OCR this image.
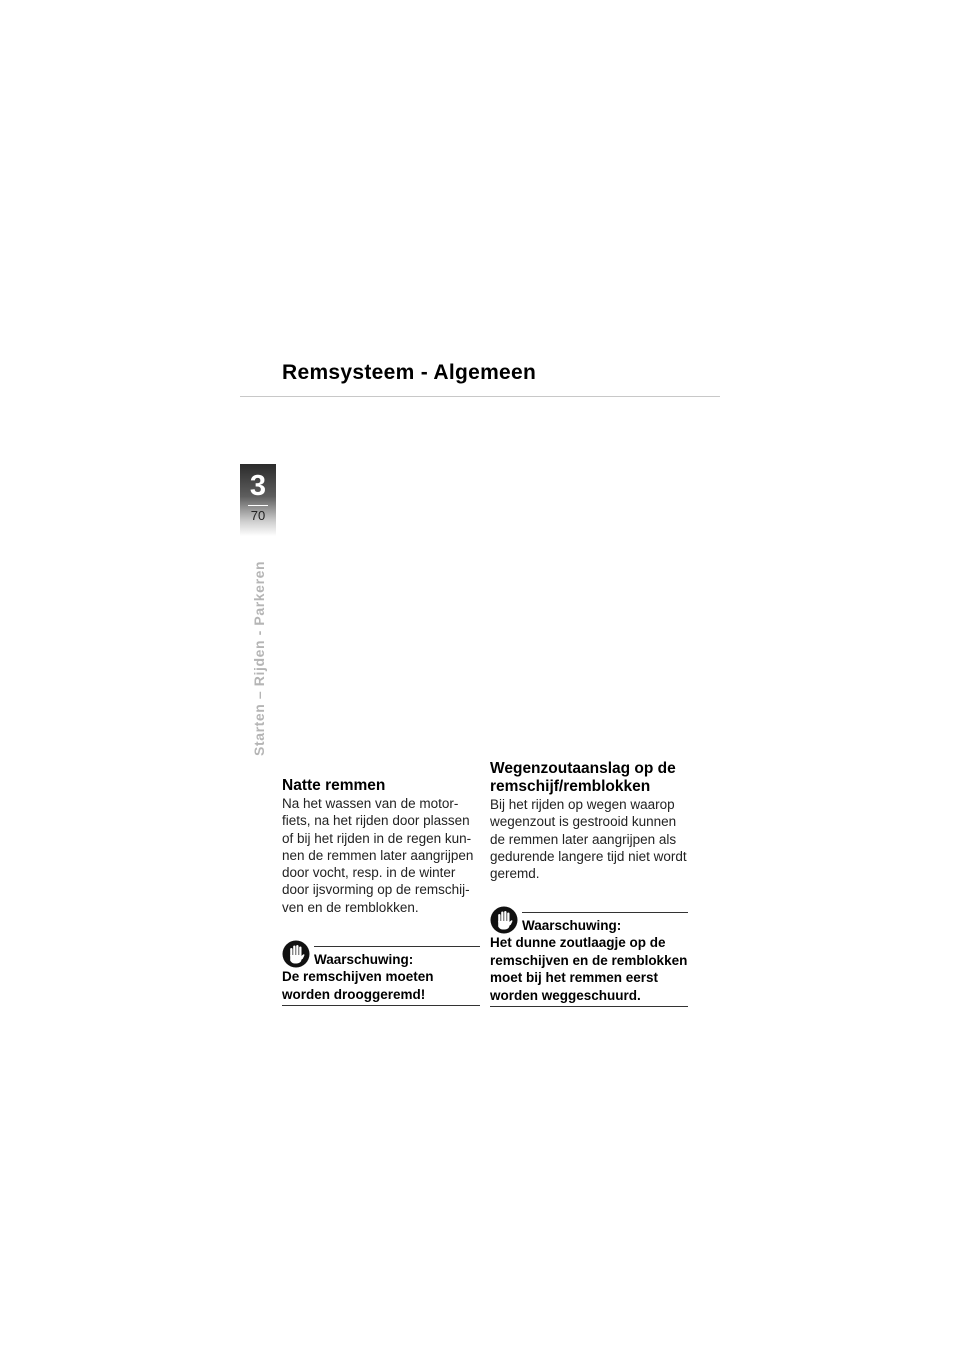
Remsysteem - Algemeen
3
70
Starten – Rijden - Parkeren
Natte remmen

Na het wassen van de motorfiets, na het rijden door plassen of bij het rijden in de regen kunnen de remmen later aangrijpen door vocht, resp. in de winter door ijsvorming op de remschijven en de remblokken.

Waarschuwing:
De remschijven moeten worden drooggeremd!
Wegenzoutaanslag op de remschijf/remblokken

Bij het rijden op wegen waarop wegenzout is gestrooid kunnen de remmen later aangrijpen als gedurende langere tijd niet wordt geremd.

Waarschuwing:
Het dunne zoutlaagje op de remschijven en de remblokken moet bij het remmen eerst worden weggeschuurd.
